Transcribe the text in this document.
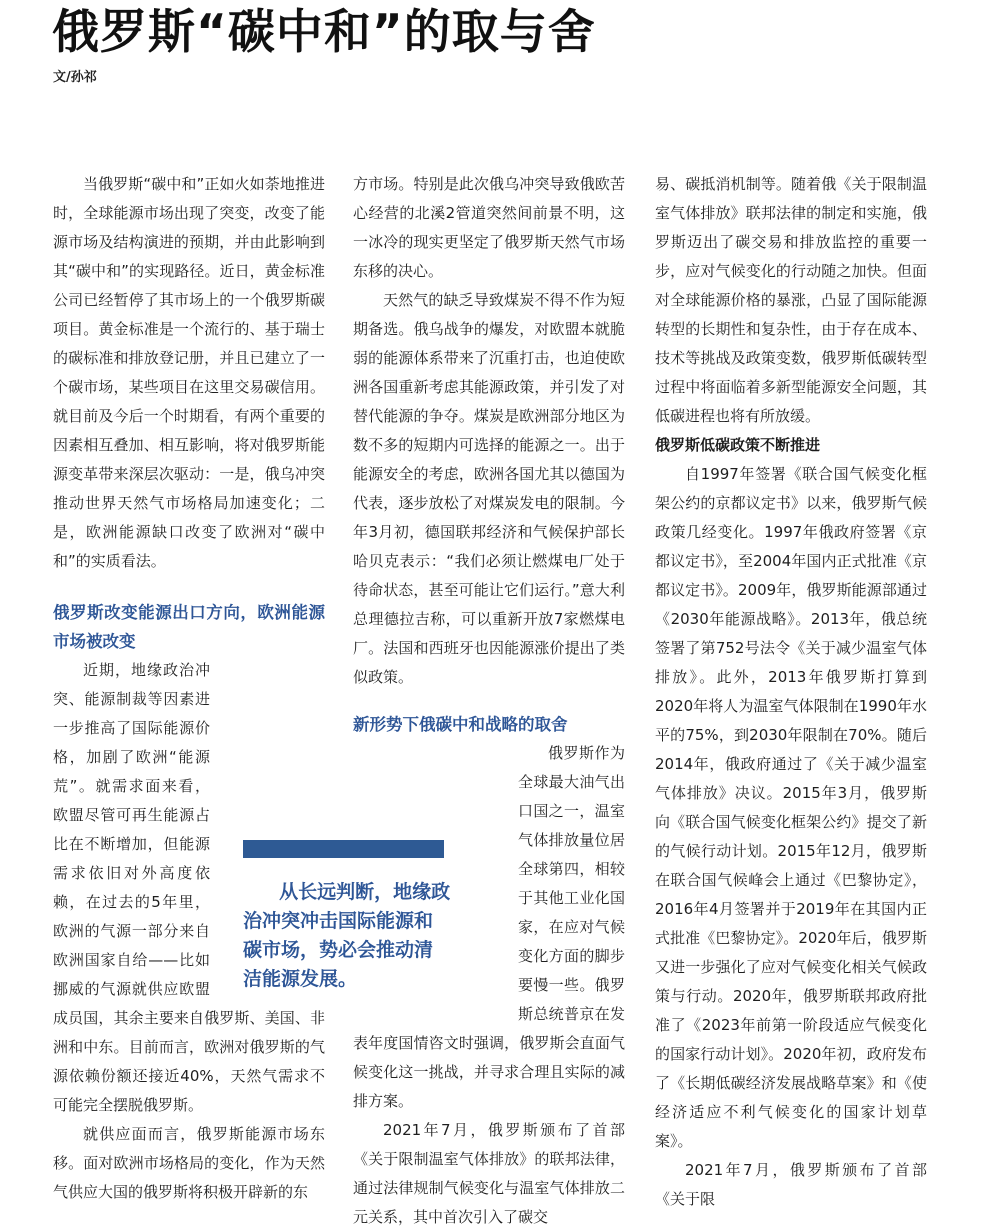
俄罗斯“碳中和”的取与舍
文/孙祁

当俄罗斯“碳中和”正如火如荼地推进时，全球能源市场出现了突变，改变了能源市场及结构演进的预期，并由此影响到其“碳中和”的实现路径。近日，黄金标准公司已经暂停了其市场上的一个俄罗斯碳项目。黄金标准是一个流行的、基于瑞士的碳标准和排放登记册，并且已建立了一个碳市场，某些项目在这里交易碳信用。就目前及今后一个时期看，有两个重要的因素相互叠加、相互影响，将对俄罗斯能源变革带来深层次驱动：一是，俄乌冲突推动世界天然气市场格局加速变化；二是，欧洲能源缺口改变了欧洲对“碳中和”的实质看法。

俄罗斯改变能源出口方向，欧洲能源市场被改变

近期，地缘政治冲突、能源制裁等因素进一步推高了国际能源价格，加剧了欧洲“能源荒”。就需求面来看，欧盟尽管可再生能源占比在不断增加，但能源需求依旧对外高度依赖，在过去的5年里，欧洲的气源一部分来自欧洲国家自给——比如挪威的气源就供应欧盟成员国，其余主要来自俄罗斯、美国、非洲和中东。目前而言，欧洲对俄罗斯的气源依赖份额还接近40%，天然气需求不可能完全摆脱俄罗斯。

就供应面而言，俄罗斯能源市场东移。面对欧洲市场格局的变化，作为天然气供应大国的俄罗斯将积极开辟新的东

方市场。特别是此次俄乌冲突导致俄欧苦心经营的北溪2管道突然间前景不明，这一冰冷的现实更坚定了俄罗斯天然气市场东移的决心。

天然气的缺乏导致煤炭不得不作为短期备选。俄乌战争的爆发，对欧盟本就脆弱的能源体系带来了沉重打击，也迫使欧洲各国重新考虑其能源政策，并引发了对替代能源的争夺。煤炭是欧洲部分地区为数不多的短期内可选择的能源之一。出于能源安全的考虑，欧洲各国尤其以德国为代表，逐步放松了对煤炭发电的限制。今年3月初，德国联邦经济和气候保护部长哈贝克表示：“我们必须让燃煤电厂处于待命状态，甚至可能让它们运行。”意大利总理德拉吉称，可以重新开放7家燃煤电厂。法国和西班牙也因能源涨价提出了类似政策。

新形势下俄碳中和战略的取舍

俄罗斯作为全球最大油气出口国之一，温室气体排放量位居全球第四，相较于其他工业化国家，在应对气候变化方面的脚步要慢一些。俄罗斯总统普京在发表年度国情咨文时强调，俄罗斯会直面气候变化这一挑战，并寻求合理且实际的减排方案。

2021年7月，俄罗斯颁布了首部《关于限制温室气体排放》的联邦法律，通过法律规制气候变化与温室气体排放二元关系，其中首次引入了碳交

易、碳抵消机制等。随着俄《关于限制温室气体排放》联邦法律的制定和实施，俄罗斯迈出了碳交易和排放监控的重要一步，应对气候变化的行动随之加快。但面对全球能源价格的暴涨，凸显了国际能源转型的长期性和复杂性，由于存在成本、技术等挑战及政策变数，俄罗斯低碳转型过程中将面临着多新型能源安全问题，其低碳进程也将有所放缓。

俄罗斯低碳政策不断推进

自1997年签署《联合国气候变化框架公约的京都议定书》以来，俄罗斯气候政策几经变化。1997年俄政府签署《京都议定书》，至2004年国内正式批准《京都议定书》。2009年，俄罗斯能源部通过《2030年能源战略》。2013年，俄总统签署了第752号法令《关于减少温室气体排放》。此外，2013年俄罗斯打算到2020年将人为温室气体限制在1990年水平的75%，到2030年限制在70%。随后2014年，俄政府通过了《关于减少温室气体排放》决议。2015年3月，俄罗斯向《联合国气候变化框架公约》提交了新的气候行动计划。2015年12月，俄罗斯在联合国气候峰会上通过《巴黎协定》，2016年4月签署并于2019年在其国内正式批准《巴黎协定》。2020年后，俄罗斯又进一步强化了应对气候变化相关气候政策与行动。2020年，俄罗斯联邦政府批准了《2023年前第一阶段适应气候变化的国家行动计划》。2020年初，政府发布了《长期低碳经济发展战略草案》和《使经济适应不利气候变化的国家计划草案》。

2021年7月，俄罗斯颁布了首部《关于限

从长远判断，地缘政治冲突冲击国际能源和碳市场，势必会推动清洁能源发展。
